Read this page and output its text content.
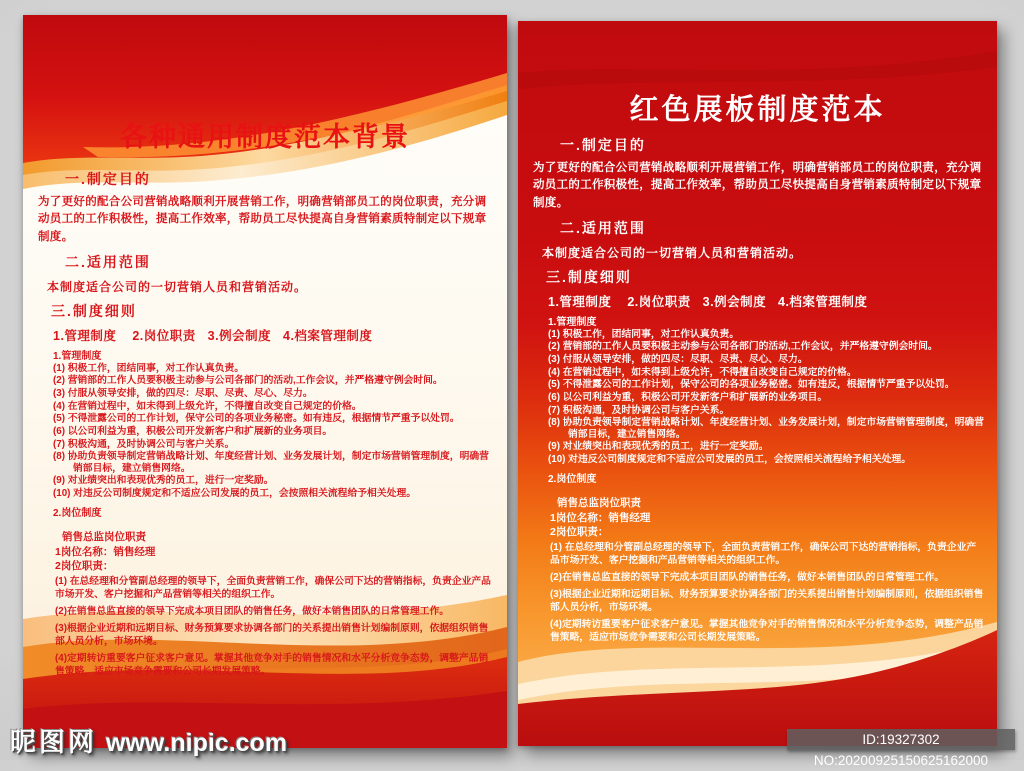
各种通用制度范本背景
一.制定目的
为了更好的配合公司营销战略顺利开展营销工作，明确营销部员工的岗位职责，充分调动员工的工作积极性，提高工作效率，帮助员工尽快提高自身营销素质特制定以下规章制度。
二.适用范围
本制度适合公司的一切营销人员和营销活动。
三.制度细则
1.管理制度    2.岗位职责   3.例会制度   4.档案管理制度
1.管理制度
(1) 积极工作，团结同事，对工作认真负责。
(2) 营销部的工作人员要积极主动参与公司各部门的活动,工作会议，并严格遵守例会时间。
(3) 付服从领导安排，做的四尽：尽职、尽责、尽心、尽力。
(4) 在营销过程中，如未得到上级允许，不得擅自改变自己规定的价格。
(5) 不得泄露公司的工作计划，保守公司的各项业务秘密。如有违反，根据情节严重予以处罚。
(6) 以公司利益为重，积极公司开发新客户和扩展新的业务项目。
(7) 积极沟通，及时协调公司与客户关系。
(8) 协助负责领导制定营销战略计划、年度经营计划、业务发展计划，制定市场营销管理制度，明确营销部目标，建立销售网络。
(9) 对业绩突出和表现优秀的员工，进行一定奖励。
(10) 对违反公司制度规定和不适应公司发展的员工，会按照相关流程给予相关处理。
2.岗位制度
销售总监岗位职责
1岗位名称：销售经理
2岗位职责：
(1) 在总经理和分管副总经理的领导下，全面负责营销工作，确保公司下达的营销指标，负责企业产品市场开发、客户挖掘和产品营销等相关的组织工作。
(2)在销售总监直接的领导下完成本项目团队的销售任务，做好本销售团队的日常管理工作。
(3)根据企业近期和远期目标、财务预算要求协调各部门的关系提出销售计划编制原则，依据组织销售部人员分析，市场环境。
(4)定期转访重要客户征求客户意见。掌握其他竞争对手的销售情况和水平分析竞争态势，调整产品销售策略，适应市场竞争需要和公司长期发展策略。
红色展板制度范本
一.制定目的
为了更好的配合公司营销战略顺利开展营销工作，明确营销部员工的岗位职责，充分调动员工的工作积极性，提高工作效率，帮助员工尽快提高自身营销素质特制定以下规章制度。
二.适用范围
本制度适合公司的一切营销人员和营销活动。
三.制度细则
1.管理制度    2.岗位职责   3.例会制度   4.档案管理制度
1.管理制度
(1) 积极工作，团结同事，对工作认真负责。
(2) 营销部的工作人员要积极主动参与公司各部门的活动,工作会议，并严格遵守例会时间。
(3) 付服从领导安排，做的四尽：尽职、尽责、尽心、尽力。
(4) 在营销过程中，如未得到上级允许，不得擅自改变自己规定的价格。
(5) 不得泄露公司的工作计划，保守公司的各项业务秘密。如有违反，根据情节严重予以处罚。
(6) 以公司利益为重，积极公司开发新客户和扩展新的业务项目。
(7) 积极沟通，及时协调公司与客户关系。
(8) 协助负责领导制定营销战略计划、年度经营计划、业务发展计划，制定市场营销管理制度，明确营销部目标，建立销售网络。
(9) 对业绩突出和表现优秀的员工，进行一定奖励。
(10) 对违反公司制度规定和不适应公司发展的员工，会按照相关流程给予相关处理。
2.岗位制度
销售总监岗位职责
1岗位名称：销售经理
2岗位职责：
(1) 在总经理和分管副总经理的领导下，全面负责营销工作，确保公司下达的营销指标，负责企业产品市场开发、客户挖掘和产品营销等相关的组织工作。
(2)在销售总监直接的领导下完成本项目团队的销售任务，做好本销售团队的日常管理工作。
(3)根据企业近期和远期目标、财务预算要求协调各部门的关系提出销售计划编制原则，依据组织销售部人员分析，市场环境。
(4)定期转访重要客户征求客户意见。掌握其他竞争对手的销售情况和水平分析竞争态势，调整产品销售策略，适应市场竞争需要和公司长期发展策略。
昵图网 www.nipic.com	ID:19327302 NO:20200925150625162000
